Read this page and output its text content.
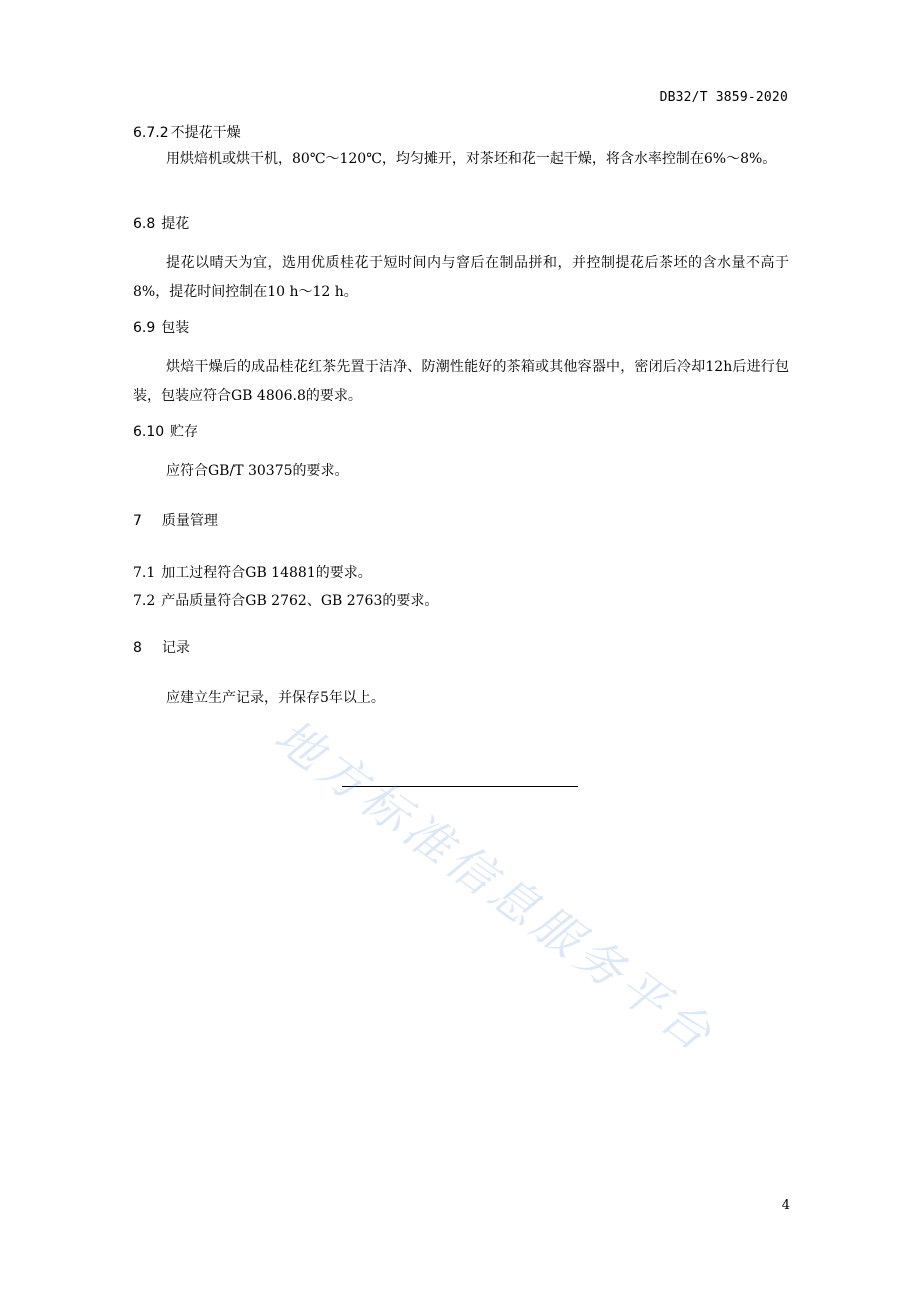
DB32/T 3859-2020
6.7.2 不提花干燥
用烘焙机或烘干机，80℃～120℃，均匀摊开，对茶坯和花一起干燥，将含水率控制在6%～8%。
6.8 提花
提花以晴天为宜，选用优质桂花于短时间内与窨后在制品拼和，并控制提花后茶坯的含水量不高于8%，提花时间控制在10 h～12 h。
6.9 包装
烘焙干燥后的成品桂花红茶先置于洁净、防潮性能好的茶箱或其他容器中，密闭后冷却12h后进行包装，包装应符合GB 4806.8的要求。
6.10 贮存
应符合GB/T 30375的要求。
7 质量管理
7.1 加工过程符合GB 14881的要求。
7.2 产品质量符合GB 2762、GB 2763的要求。
8 记录
应建立生产记录，并保存5年以上。
地方标准信息服务平台
4
